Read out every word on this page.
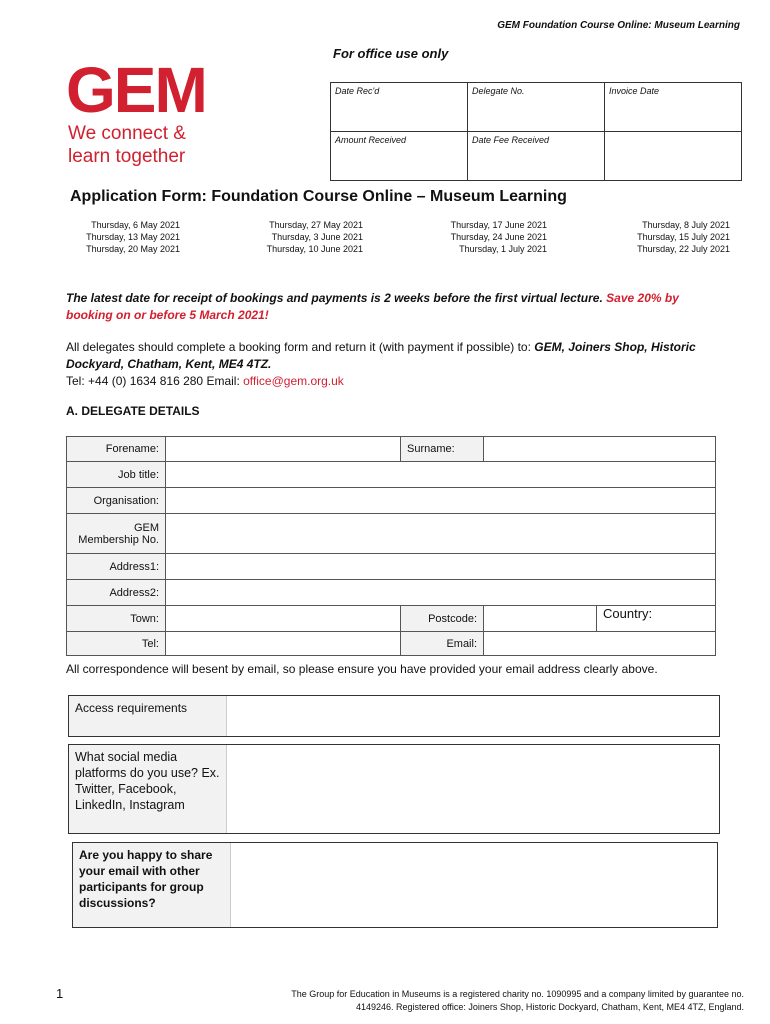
GEM Foundation Course Online: Museum Learning
GEM
We connect &
learn together
For office use only
Date Rec'd	Delegate No.	Invoice Date
Amount Received	Date Fee Received	
Application Form: Foundation Course Online – Museum Learning
Thursday, 6 May 2021
Thursday, 13 May 2021
Thursday, 20 May 2021
Thursday, 27 May 2021
Thursday, 3 June 2021
Thursday, 10 June 2021
Thursday, 17 June 2021
Thursday, 24 June 2021
Thursday, 1 July 2021
Thursday, 8 July 2021
Thursday, 15 July 2021
Thursday, 22 July 2021
The latest date for receipt of bookings and payments is 2 weeks before the first virtual lecture. Save 20% by booking on or before 5 March 2021!
All delegates should complete a booking form and return it (with payment if possible) to: GEM, Joiners Shop, Historic Dockyard, Chatham, Kent, ME4 4TZ.
Tel: +44 (0) 1634 816 280 Email: office@gem.org.uk
A. DELEGATE DETAILS
Forename:		Surname:		
Job title:				
Organisation:				

GEM
Membership No.				

Address1:				
Address2:				
Town:		Postcode:		Country:
Tel:		Email:		
All correspondence will besent by email, so please ensure you have provided your email address clearly above.
Access requirements
What social media platforms do you use? Ex. Twitter, Facebook, LinkedIn, Instagram
Are you happy to share your email with other participants for group discussions?
1	The Group for Education in Museums is a registered charity no. 1090995 and a company limited by guarantee no.
4149246. Registered office: Joiners Shop, Historic Dockyard, Chatham, Kent, ME4 4TZ, England.
